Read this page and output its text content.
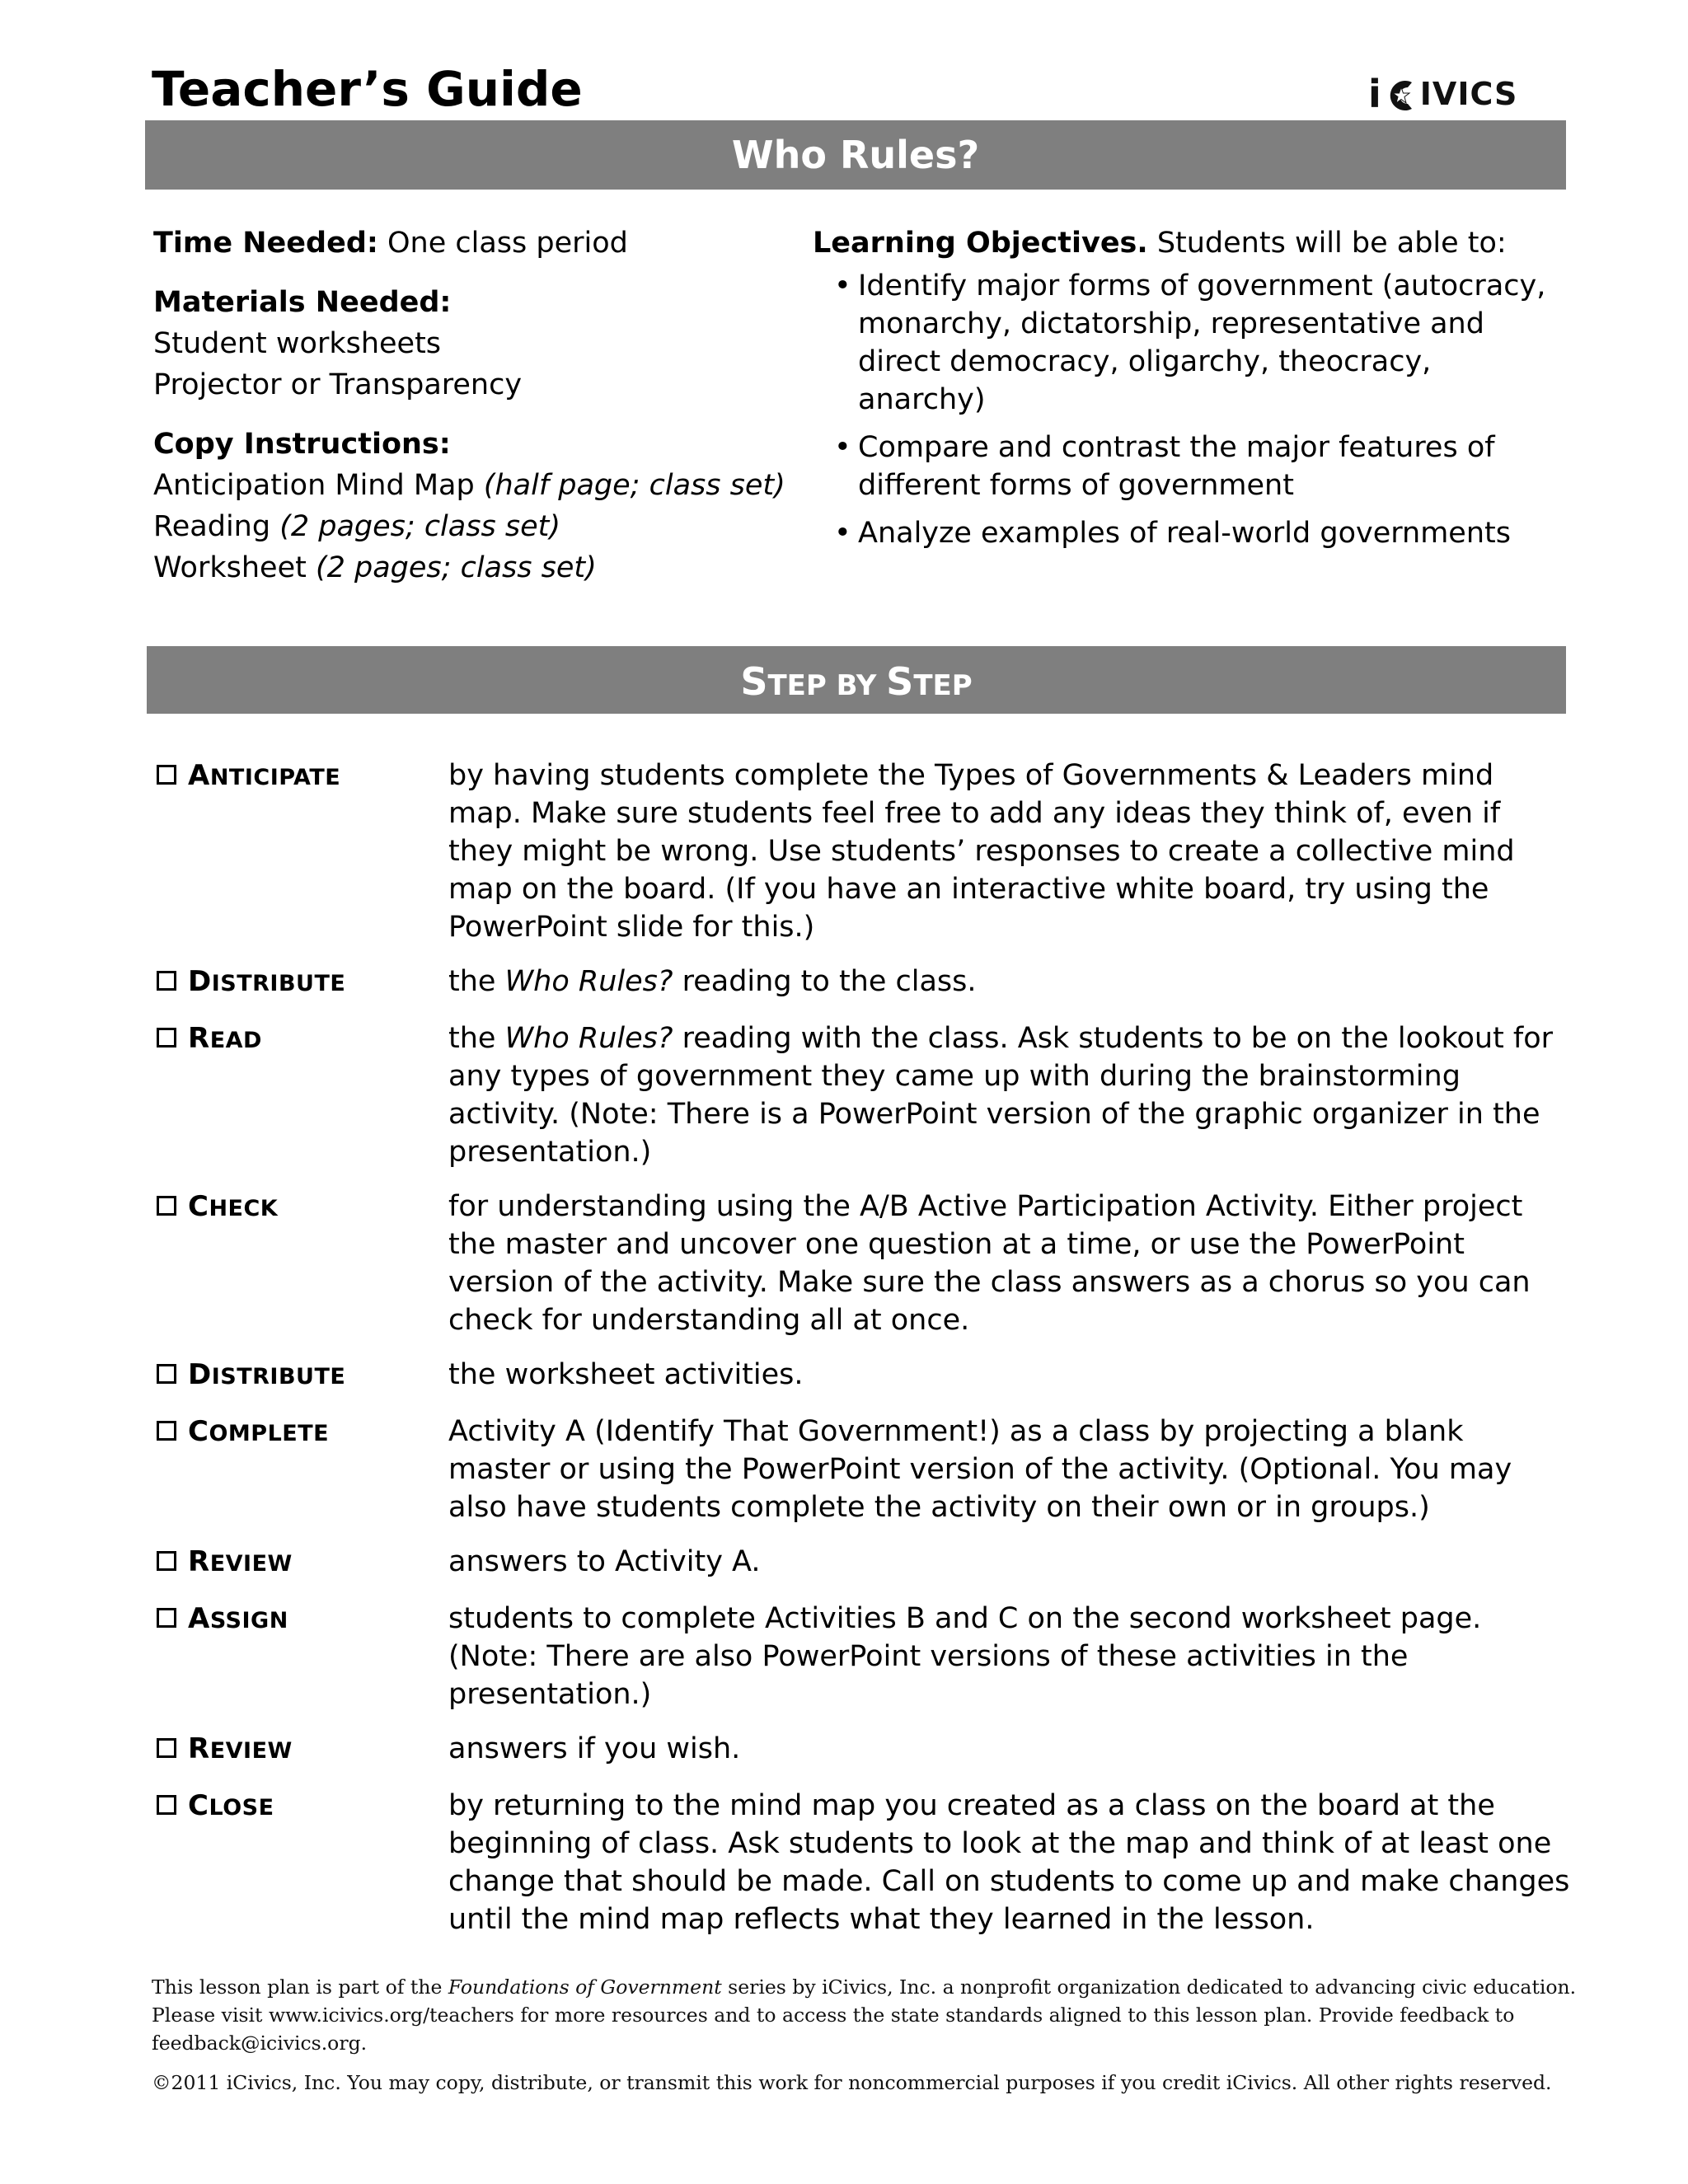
Teacher’s Guide	i IVICS
Who Rules?

Time Needed: One class period

Materials Needed:

Student worksheets

Projector or Transparency

Copy Instructions:

Anticipation Mind Map (half page; class set)

Reading (2 pages; class set)

Worksheet (2 pages; class set)

Learning Objectives. Students will be able to:

• Identify major forms of government (autocracy, monarchy, dictatorship, representative and direct democracy, oligarchy, theocracy, anarchy)
• Compare and contrast the major features of different forms of government
• Analyze examples of real-world governments
STEP BY STEP
ANTICIPATE	by having students complete the Types of Governments & Leaders mind map. Make sure students feel free to add any ideas they think of, even if they might be wrong. Use students’ responses to create a collective mind map on the board. (If you have an interactive white board, try using the PowerPoint slide for this.)
DISTRIBUTE	the Who Rules? reading to the class.
READ	the Who Rules? reading with the class. Ask students to be on the lookout for any types of government they came up with during the brainstorming activity. (Note: There is a PowerPoint version of the graphic organizer in the presentation.)
CHECK	for understanding using the A/B Active Participation Activity. Either project the master and uncover one question at a time, or use the PowerPoint version of the activity. Make sure the class answers as a chorus so you can check for understanding all at once.
DISTRIBUTE	the worksheet activities.
COMPLETE	Activity A (Identify That Government!) as a class by projecting a blank master or using the PowerPoint version of the activity. (Optional. You may also have students complete the activity on their own or in groups.)
REVIEW	answers to Activity A.
ASSIGN	students to complete Activities B and C on the second worksheet page. (Note: There are also PowerPoint versions of these activities in the presentation.)
REVIEW	answers if you wish.
CLOSE	by returning to the mind map you created as a class on the board at the beginning of class. Ask students to look at the map and think of at least one change that should be made. Call on students to come up and make changes until the mind map reflects what they learned in the lesson.

This lesson plan is part of the Foundations of Government series by iCivics, Inc. a nonprofit organization dedicated to advancing civic education. Please visit www.icivics.org/teachers for more resources and to access the state standards aligned to this lesson plan. Provide feedback to feedback@icivics.org.

©2011 iCivics, Inc. You may copy, distribute, or transmit this work for noncommercial purposes if you credit iCivics. All other rights reserved.
